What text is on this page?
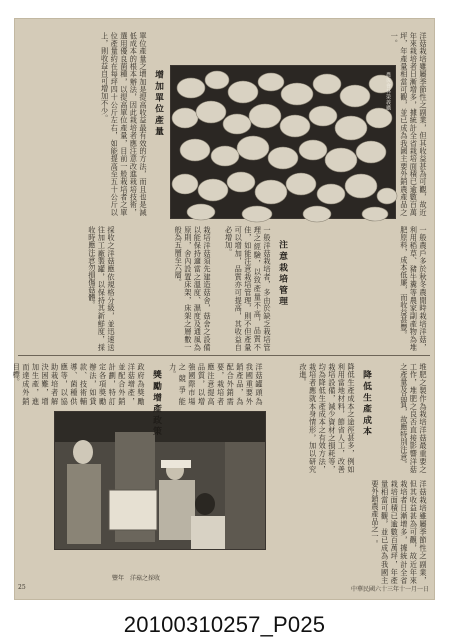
農復會林榮義攝	洋菇栽培雖屬季節性之副業，但其收益甚為可觀，故近年來栽培者日漸增多，據統計全省栽培面積已逾數百萬坪，年產量相當可觀，並已成為我國主要外銷農產品之一。
增加單位產量
單位產量之增加是提高收益最有效的方法，而且也是減低成本的根本辦法，因此栽培者應注意改進栽培技術，選用優良菌種，以提高單位產量，目前一般栽培者之單位產量約在每坪四十公斤左右，如能提高至五十公斤以上，則收益自可增加不少。
一般農戶多於秋冬農閒時栽培洋菇，利用稻草、豬牛糞等農家副產物為堆肥原料，成本低廉，而收益甚豐。
注意栽培管理
一般洋菇栽培者，多由於缺乏栽培管理之經驗，以致產量不高，品質不佳，如能注意栽培管理，則不但產量可以增加，品質亦可提高，其收益自必增加。
栽培洋菇須先建造菇舍，菇舍之設備以能保持適當之溫度、濕度及通風為原則，舍內設置床架，床架之層數一般為五層至六層。
採收之洋菇應依規格分級，並迅速送往加工廠製罐，以保持其新鮮度，採收時應注意勿損傷菇體。
堆肥之製作為栽培洋菇最重要之工作，堆肥之良否直接影響洋菇之產量及品質，故應特別注意。
降低生產成本
降低生產成本之途徑甚多，例如利用當地材料，節省人工，改善栽培設備，減少資材之損耗等，均為降低生產成本之有效方法，栽培者應就本身情形，加以研究改進。
洋菇罐頭為我國重要外銷產品，為配合外銷需要，栽培者應注意提高品質，以增強國際市場之競爭能力。
獎勵增產政策
政府為獎勵洋菇增產，並配合外銷計劃，特訂定各項獎勵辦法，如貸款、技術輔導、菌種供應等，以協助栽培者解決困難，增加生產，進而達成外銷目標。
洋菇栽培雖屬季節性之副業，但其收益甚為可觀，故近年來栽培者日漸增多，據統計全省栽培面積已逾數百萬坪，年產量相當可觀，並已成為我國主要外銷農產品之一。
豐年　洋菇之採收
25	中華民國六十三年十一月一日
20100310257_P025
